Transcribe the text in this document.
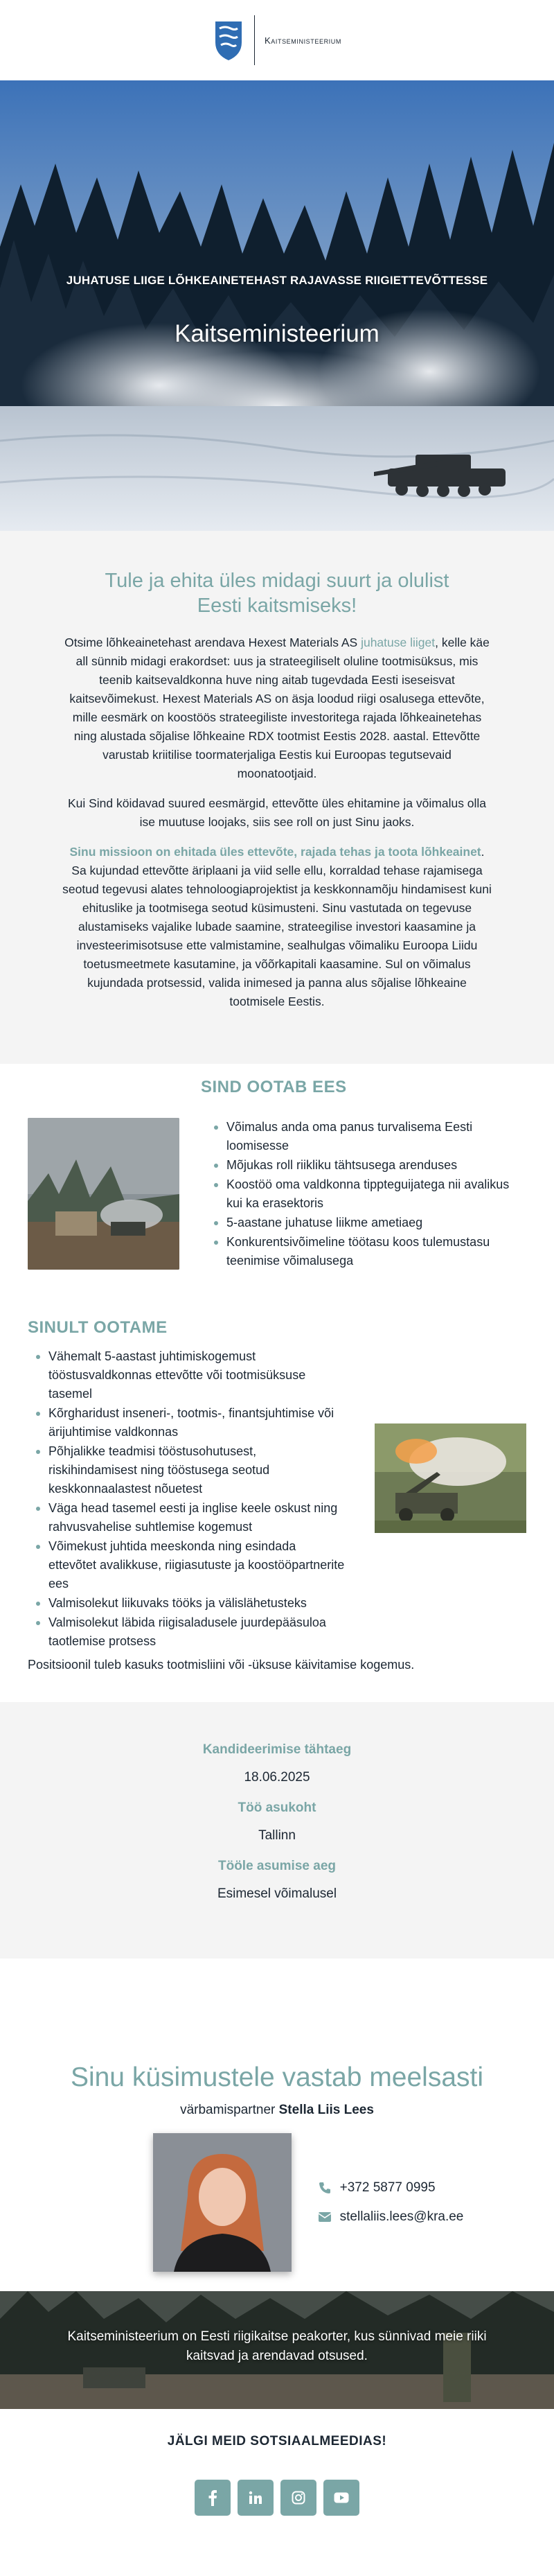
Kaitseministeerium
JUHATUSE LIIGE LÕHKEAINETEHAST RAJAVASSE RIIGIETTEVÕTTESSE
Kaitseministeerium
Tule ja ehita üles midagi suurt ja olulist Eesti kaitsmiseks!

Otsime lõhkeainetehast arendava Hexest Materials AS juhatuse liiget, kelle käe all sünnib midagi erakordset: uus ja strateegiliselt oluline tootmisüksus, mis teenib kaitsevaldkonna huve ning aitab tugevdada Eesti iseseisvat kaitsevõimekust. Hexest Materials AS on äsja loodud riigi osalusega ettevõte, mille eesmärk on koostöös strateegiliste investoritega rajada lõhkeainetehas ning alustada sõjalise lõhkeaine RDX tootmist Eestis 2028. aastal. Ettevõtte varustab kriitilise toormaterjaliga Eestis kui Euroopas tegutsevaid moonatootjaid.

Kui Sind köidavad suured eesmärgid, ettevõtte üles ehitamine ja võimalus olla ise muutuse loojaks, siis see roll on just Sinu jaoks.

Sinu missioon on ehitada üles ettevõte, rajada tehas ja toota lõhkeainet. Sa kujundad ettevõtte äriplaani ja viid selle ellu, korraldad tehase rajamisega seotud tegevusi alates tehnoloogiaprojektist ja keskkonnamõju hindamisest kuni ehituslike ja tootmisega seotud küsimusteni. Sinu vastutada on tegevuse alustamiseks vajalike lubade saamine, strateegilise investori kaasamine ja investeerimisotsuse ette valmistamine, sealhulgas võimaliku Euroopa Liidu toetusmeetmete kasutamine, ja võõrkapitali kaasamine. Sul on võimalus kujundada protsessid, valida inimesed ja panna alus sõjalise lõhkeaine tootmisele Eestis.

SIND OOTAB EES
Võimalus anda oma panus turvalisema Eesti loomisesse
Mõjukas roll riikliku tähtsusega arenduses
Koostöö oma valdkonna tippteguijatega nii avalikus kui ka erasektoris
5-aastane juhatuse liikme ametiaeg
Konkurentsivõimeline töötasu koos tulemustasu teenimise võimalusega
SINULT OOTAME
Vähemalt 5-aastast juhtimiskogemust tööstusvaldkonnas ettevõtte või tootmisüksuse tasemel
Kõrgharidust inseneri-, tootmis-, finantsjuhtimise või ärijuhtimise valdkonnas
Põhjalikke teadmisi tööstusohutusest, riskihindamisest ning tööstusega seotud keskkonnaalastest nõuetest
Väga head tasemel eesti ja inglise keele oskust ning rahvusvahelise suhtlemise kogemust
Võimekust juhtida meeskonda ning esindada ettevõtet avalikkuse, riigiasutuste ja koostööpartnerite ees
Valmisolekut liikuvaks tööks ja välislähetusteks
Valmisolekut läbida riigisaladusele juurdepääsuloa taotlemise protsess

Positsioonil tuleb kasuks tootmisliini või -üksuse käivitamise kogemus.

Kandideerimise tähtaeg
18.06.2025
Töö asukoht
Tallinn
Tööle asumise aeg
Esimesel võimalusel
Sinu küsimustele vastab meelsasti
värbamispartner Stella Liis Lees
+372 5877 0995
stellaliis.lees@kra.ee
Kaitseministeerium on Eesti riigikaitse peakorter, kus sünnivad meie riiki kaitsvad ja arendavad otsused.
JÄLGI MEID SOTSIAALMEEDIAS!
